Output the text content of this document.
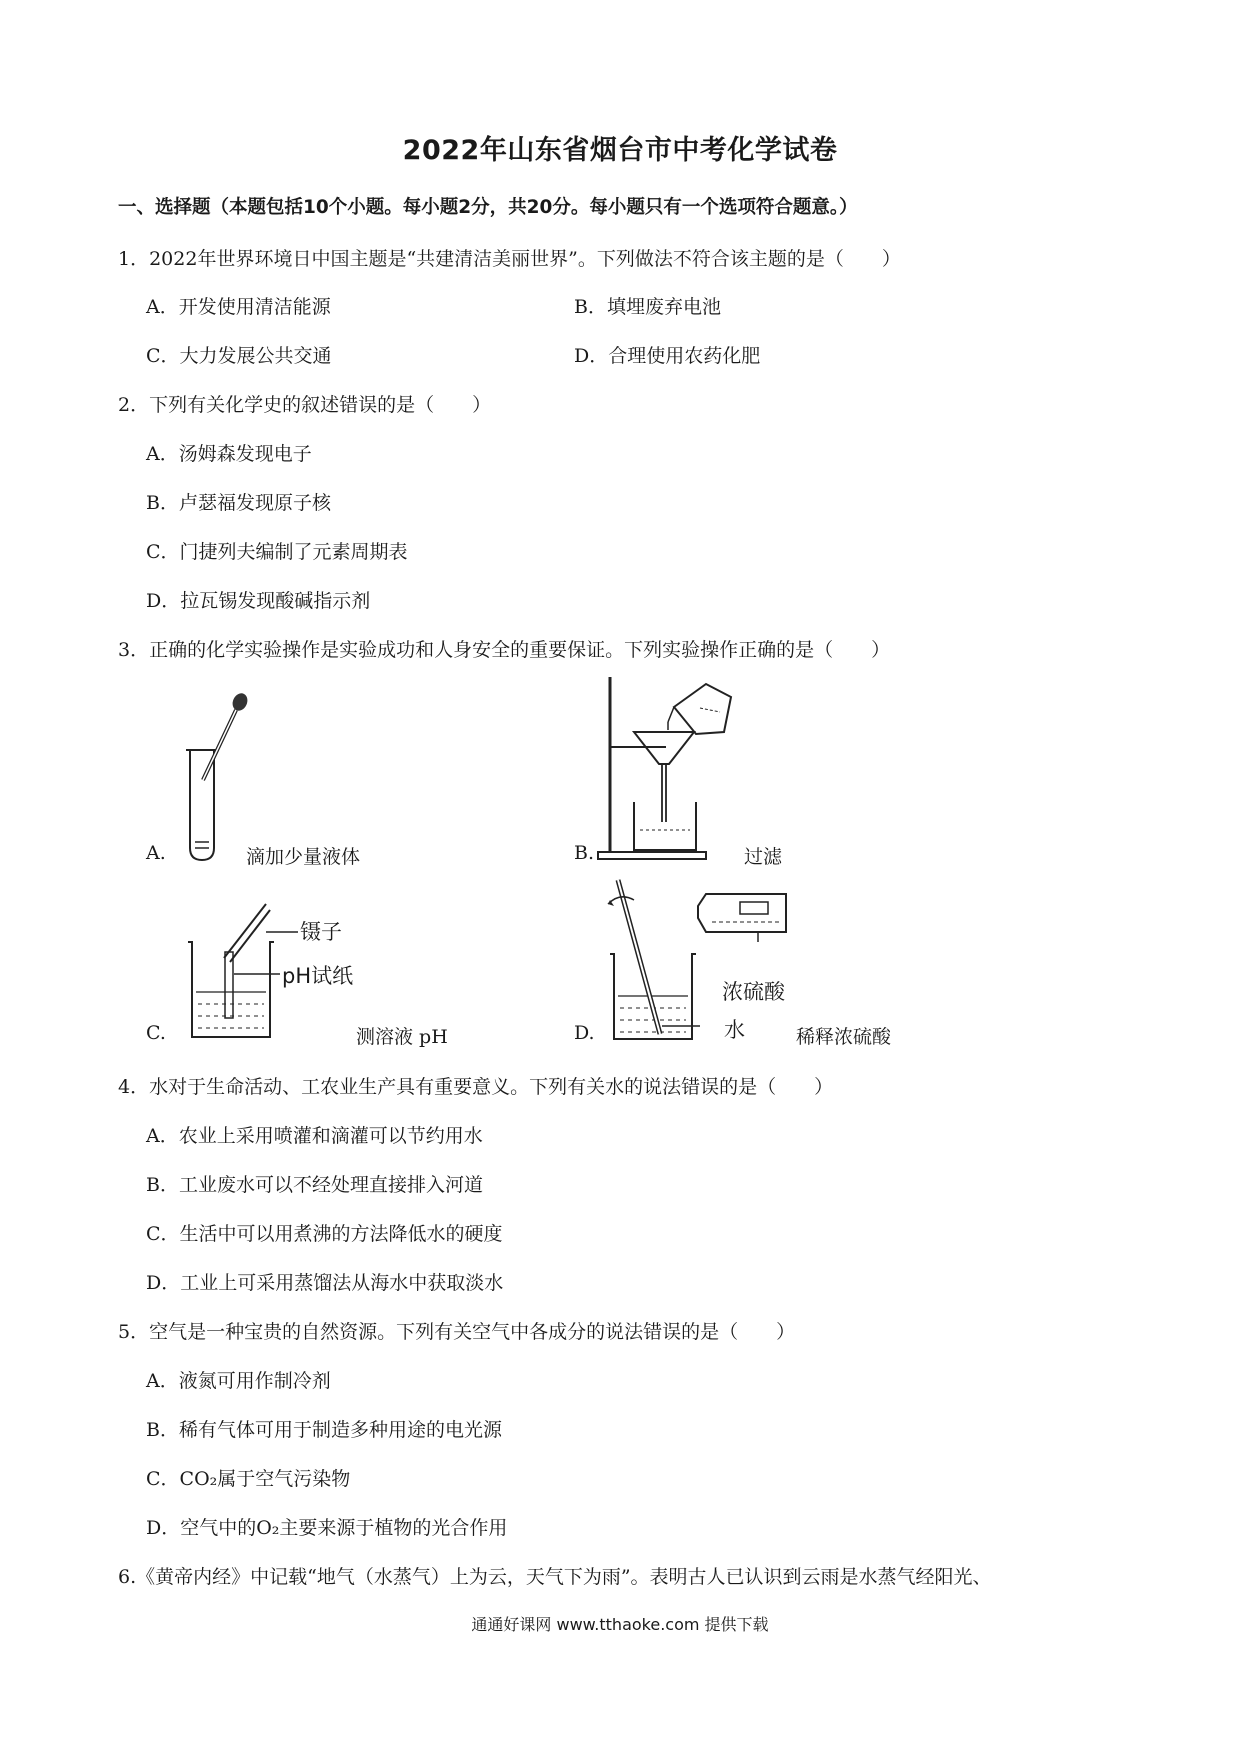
2022年山东省烟台市中考化学试卷
一、选择题（本题包括10个小题。每小题2分，共20分。每小题只有一个选项符合题意。）
1．2022年世界环境日中国主题是“共建清洁美丽世界”。下列做法不符合该主题的是（　　）
A．开发使用清洁能源	B．填埋废弃电池
C．大力发展公共交通	D．合理使用农药化肥
2．下列有关化学史的叙述错误的是（　　）
A．汤姆森发现电子
B．卢瑟福发现原子核
C．门捷列夫编制了元素周期表
D．拉瓦锡发现酸碱指示剂
3．正确的化学实验操作是实验成功和人身安全的重要保证。下列实验操作正确的是（　　）
A.	滴加少量液体	B.	过滤
C.
镊子
pH试纸
测溶液 pH	D.
浓硫酸
水	稀释浓硫酸
4．水对于生命活动、工农业生产具有重要意义。下列有关水的说法错误的是（　　）
A．农业上采用喷灌和滴灌可以节约用水
B．工业废水可以不经处理直接排入河道
C．生活中可以用煮沸的方法降低水的硬度
D．工业上可采用蒸馏法从海水中获取淡水
5．空气是一种宝贵的自然资源。下列有关空气中各成分的说法错误的是（　　）
A．液氮可用作制冷剂
B．稀有气体可用于制造多种用途的电光源
C．CO₂属于空气污染物
D．空气中的O₂主要来源于植物的光合作用
6.《黄帝内经》中记载“地气（水蒸气）上为云，天气下为雨”。表明古人已认识到云雨是水蒸气经阳光、
通通好课网 www.tthaoke.com 提供下载
